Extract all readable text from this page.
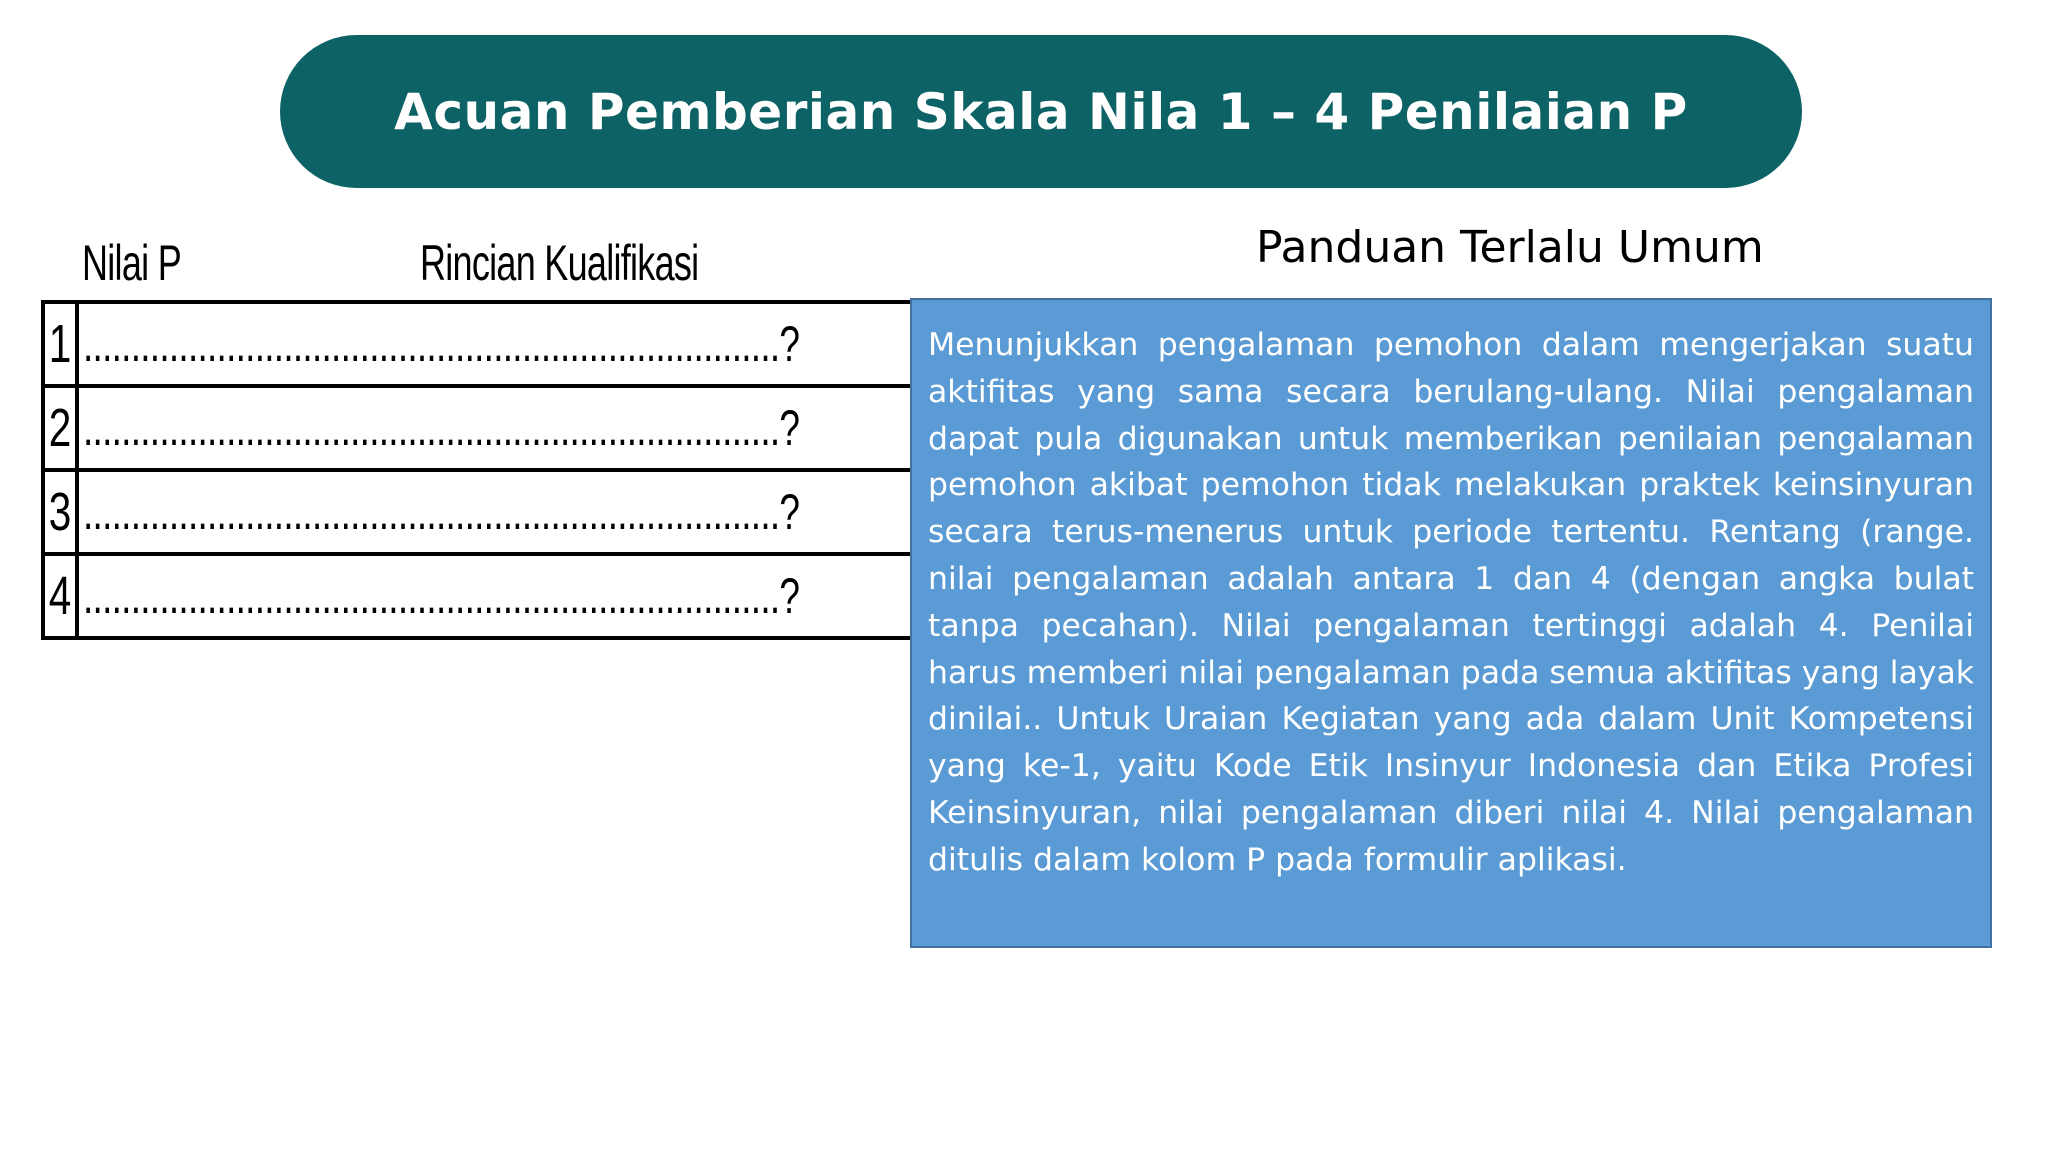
Acuan Pemberian Skala Nila 1 – 4 Penilaian P
Nilai P	Rincian Kualifikasi
1	.........................................................................?
2	.........................................................................?
3	.........................................................................?
4	.........................................................................?
Panduan Terlalu Umum

Menunjukkan pengalaman pemohon dalam mengerjakan suatu aktifitas yang sama secara berulang-ulang. Nilai pengalaman dapat pula digunakan untuk memberikan penilaian pengalaman pemohon akibat pemohon tidak melakukan praktek keinsinyuran secara terus-menerus untuk periode tertentu. Rentang (range. nilai pengalaman adalah antara 1 dan 4 (dengan angka bulat tanpa pecahan). Nilai pengalaman tertinggi adalah 4. Penilai harus memberi nilai pengalaman pada semua aktifitas yang layak dinilai.. Untuk Uraian Kegiatan yang ada dalam Unit Kompetensi yang ke-1, yaitu Kode Etik Insinyur Indonesia dan Etika Profesi Keinsinyuran, nilai pengalaman diberi nilai 4. Nilai pengalaman ditulis dalam kolom P pada formulir aplikasi.
